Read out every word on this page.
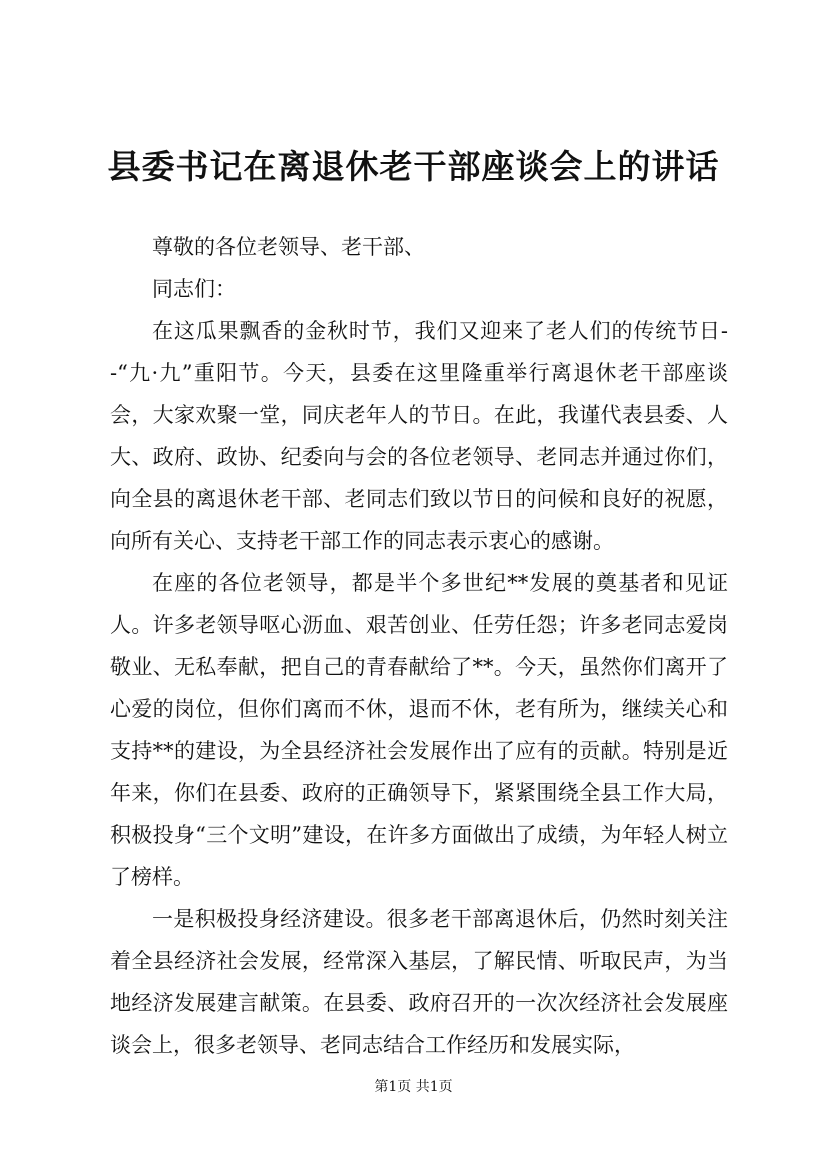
县委书记在离退休老干部座谈会上的讲话

尊敬的各位老领导、老干部、

同志们：

在这瓜果飘香的金秋时节，我们又迎来了老人们的传统节日--“九·九”重阳节。今天，县委在这里隆重举行离退休老干部座谈会，大家欢聚一堂，同庆老年人的节日。在此，我谨代表县委、人大、政府、政协、纪委向与会的各位老领导、老同志并通过你们，向全县的离退休老干部、老同志们致以节日的问候和良好的祝愿，向所有关心、支持老干部工作的同志表示衷心的感谢。

在座的各位老领导，都是半个多世纪**发展的奠基者和见证人。许多老领导呕心沥血、艰苦创业、任劳任怨；许多老同志爱岗敬业、无私奉献，把自己的青春献给了**。今天，虽然你们离开了心爱的岗位，但你们离而不休，退而不休，老有所为，继续关心和支持**的建设，为全县经济社会发展作出了应有的贡献。特别是近年来，你们在县委、政府的正确领导下，紧紧围绕全县工作大局，积极投身“三个文明”建设，在许多方面做出了成绩，为年轻人树立了榜样。

一是积极投身经济建设。很多老干部离退休后，仍然时刻关注着全县经济社会发展，经常深入基层，了解民情、听取民声，为当地经济发展建言献策。在县委、政府召开的一次次经济社会发展座谈会上，很多老领导、老同志结合工作经历和发展实际，

第1页 共1页
